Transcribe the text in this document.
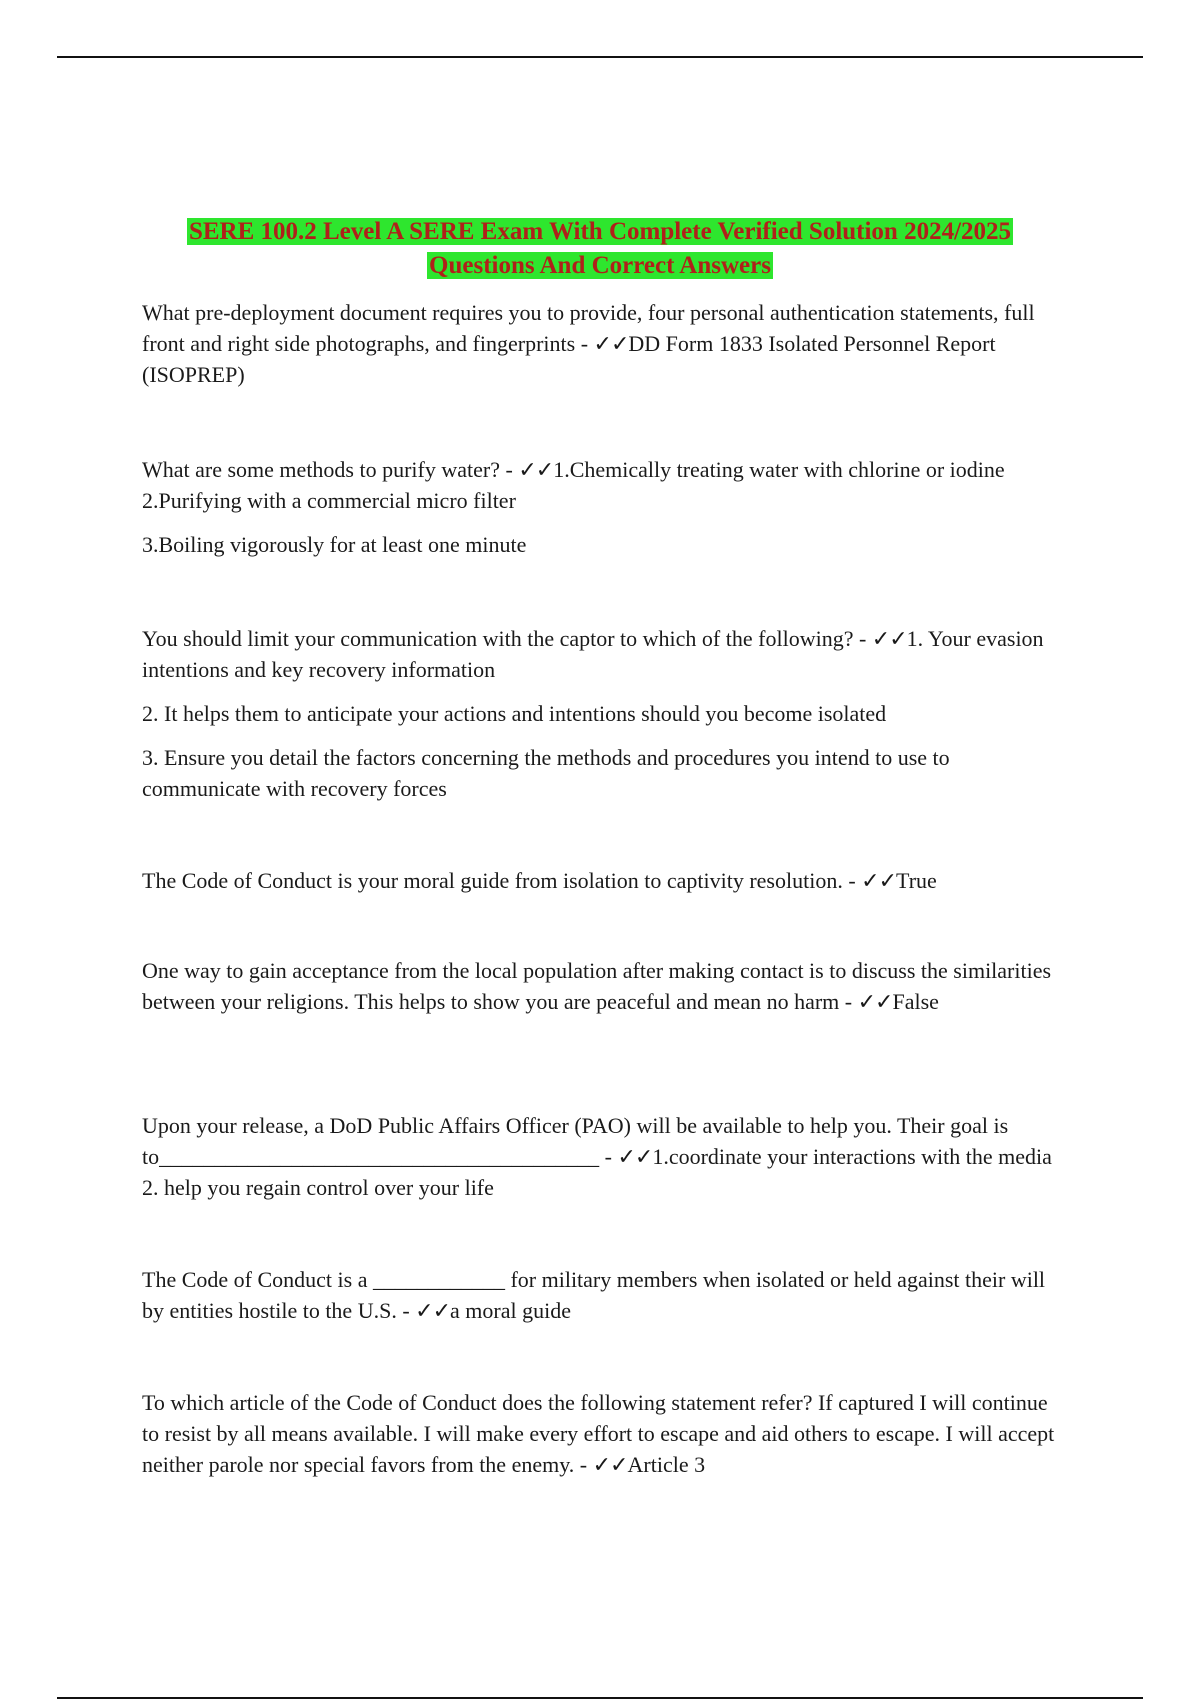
SERE 100.2 Level A SERE Exam With Complete Verified Solution 2024/2025
Questions And Correct Answers

What pre-deployment document requires you to provide, four personal authentication statements, full front and right side photographs, and fingerprints - ✓✓DD Form 1833 Isolated Personnel Report (ISOPREP)

What are some methods to purify water? - ✓✓1.Chemically treating water with chlorine or iodine 2.Purifying with a commercial micro filter

3.Boiling vigorously for at least one minute

You should limit your communication with the captor to which of the following? - ✓✓1. Your evasion intentions and key recovery information

2. It helps them to anticipate your actions and intentions should you become isolated

3. Ensure you detail the factors concerning the methods and procedures you intend to use to communicate with recovery forces

The Code of Conduct is your moral guide from isolation to captivity resolution. - ✓✓True

One way to gain acceptance from the local population after making contact is to discuss the similarities between your religions. This helps to show you are peaceful and mean no harm - ✓✓False

Upon your release, a DoD Public Affairs Officer (PAO) will be available to help you. Their goal is to________________________________________ - ✓✓1.coordinate your interactions with the media 2. help you regain control over your life

The Code of Conduct is a ____________ for military members when isolated or held against their will by entities hostile to the U.S. - ✓✓a moral guide

To which article of the Code of Conduct does the following statement refer? If captured I will continue to resist by all means available. I will make every effort to escape and aid others to escape. I will accept neither parole nor special favors from the enemy. - ✓✓Article 3
